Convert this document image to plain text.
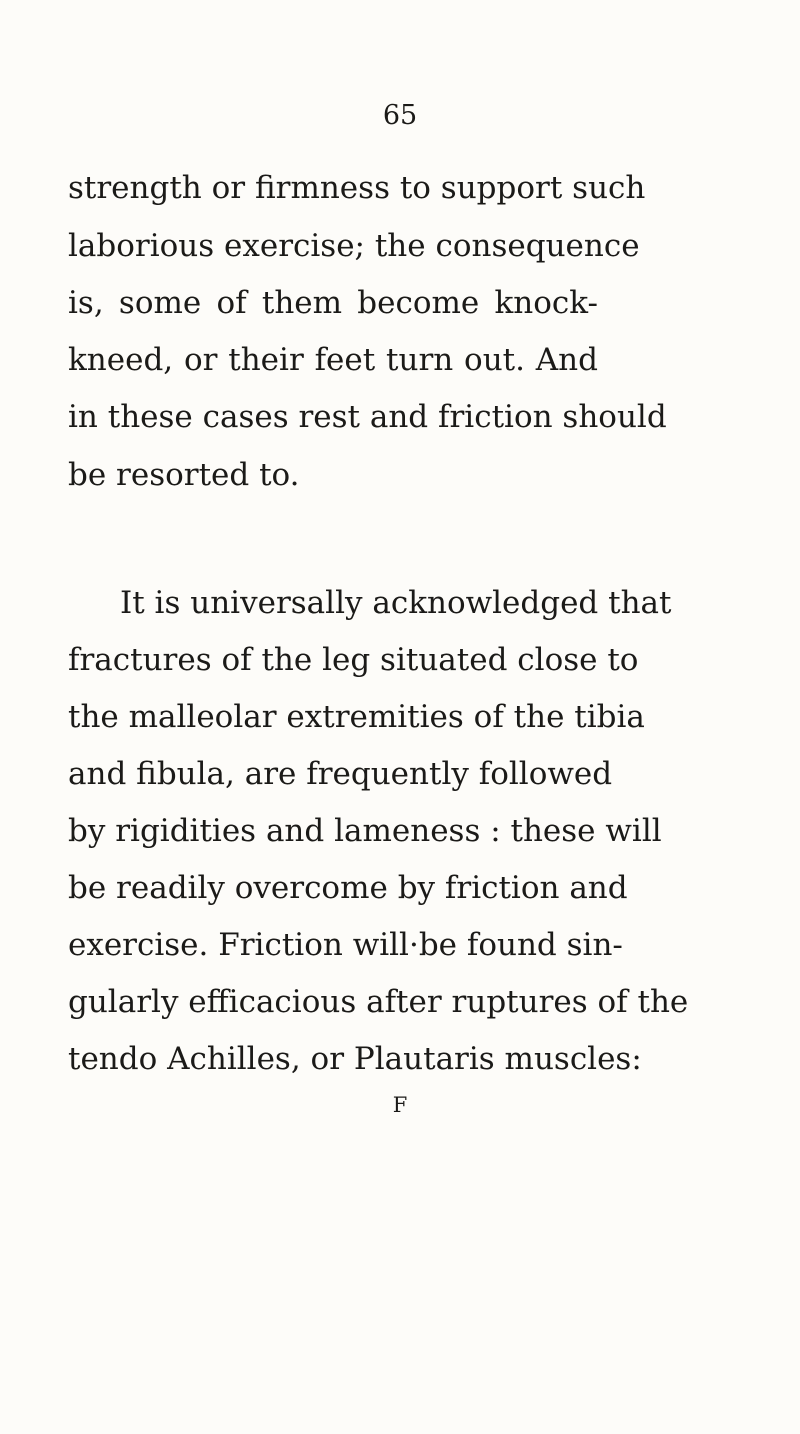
65
strength or firmness to support such
laborious exercise; the consequence
is, some of them become knock-
kneed, or their feet turn out. And
in these cases rest and friction should
be resorted to.
It is universally acknowledged that
fractures of the leg situated close to
the malleolar extremities of the tibia
and fibula, are frequently followed
by rigidities and lameness : these will
be readily overcome by friction and
exercise. Friction will·be found sin-
gularly efficacious after ruptures of the
tendo Achilles, or Plautaris muscles:
F
